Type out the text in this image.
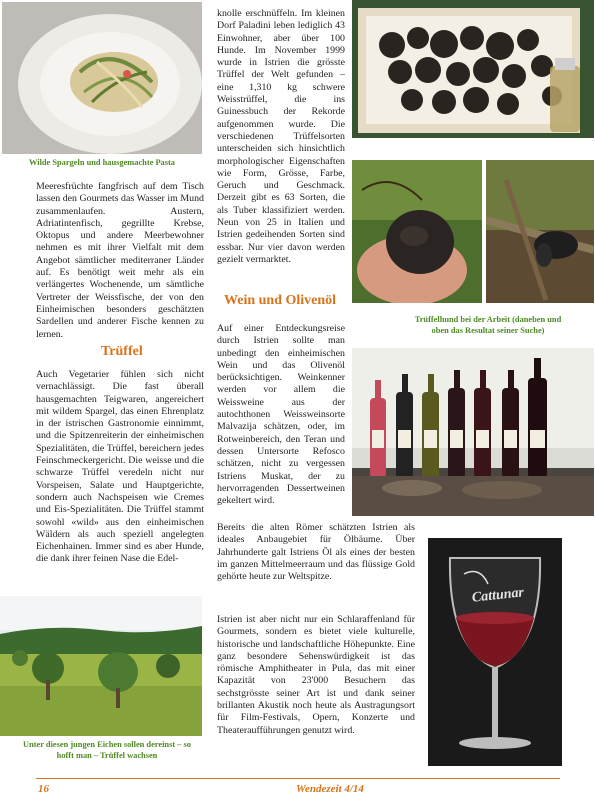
Wilde Spargeln und hausgemachte Pasta
Trüffelhund bei der Arbeit (daneben und oben das Resultat seiner Suche)
Cattunar
Unter diesen jungen Eichen sollen dereinst – so hofft man – Trüffel wachsen
Meeresfrüchte fangfrisch auf dem Tisch lassen den Gourmets das Wasser im Mund zusammenlaufen. Austern, Adriatintenfisch, gegrillte Krebse, Oktopus und andere Meerbewohner nehmen es mit ihrer Vielfalt mit dem Angebot sämtlicher mediterraner Länder auf. Es benötigt weit mehr als ein verlängertes Wochenende, um sämtliche Vertreter der Weissfische, der von den Einheimischen besonders geschätzten Sardellen und anderer Fische kennen zu lernen.
Trüffel
Auch Vegetarier fühlen sich nicht vernachlässigt. Die fast überall hausgemachten Teigwaren, angereichert mit wildem Spargel, das einen Ehrenplatz in der istrischen Gastronomie einnimmt, und die Spitzenreiterin der einheimischen Spezialitäten, die Trüffel, bereichern jedes Feinschmeckergericht. Die weisse und die schwarze Trüffel veredeln nicht nur Vorspeisen, Salate und Hauptgerichte, sondern auch Nachspeisen wie Cremes und Eis-Spezialitäten. Die Trüffel stammt sowohl «wild» aus den einheimischen Wäldern als auch speziell angelegten Eichenhainen. Immer sind es aber Hunde, die dank ihrer feinen Nase die Edel-
knolle erschnüffeln. Im kleinen Dorf Paladini leben lediglich 43 Einwohner, aber über 100 Hunde. Im November 1999 wurde in Istrien die grösste Trüffel der Welt gefunden – eine 1,310 kg schwere Weisstrüffel, die ins Guinessbuch der Rekorde aufgenommen wurde. Die verschiedenen Trüffelsorten unterscheiden sich hinsichtlich morphologischer Eigenschaften wie Form, Grösse, Farbe, Geruch und Geschmack. Derzeit gibt es 63 Sorten, die als Tuber klassifiziert werden. Neun von 25 in Italien und Istrien gedeihenden Sorten sind essbar. Nur vier davon werden gezielt vermarktet.
Wein und Olivenöl
Auf einer Entdeckungsreise durch Istrien sollte man unbedingt den einheimischen Wein und das Olivenöl berücksichtigen. Weinkenner werden vor allem die Weissweine aus der autochthonen Weissweinsorte Malvazija schätzen, oder, im Rotweinbereich, den Teran und dessen Untersorte Refosco schätzen, nicht zu vergessen Istriens Muskat, der zu hervorragenden Dessertweinen gekeltert wird.
Bereits die alten Römer schätzten Istrien als ideales Anbaugebiet für Ölbäume. Über Jahrhunderte galt Istriens Öl als eines der besten im ganzen Mittelmeerraum und das flüssige Gold gehörte heute zur Weltspitze.
Istrien ist aber nicht nur ein Schlaraffenland für Gourmets, sondern es bietet viele kulturelle, historische und landschaftliche Höhepunkte. Eine ganz besondere Sehenswürdigkeit ist das römische Amphitheater in Pula, das mit einer Kapazität von 23'000 Besuchern das sechstgrösste seiner Art ist und dank seiner brillanten Akustik noch heute als Austragungsort für Film-Festivals, Opern, Konzerte und Theateraufführungen genutzt wird.
16	Wendezeit 4/14
